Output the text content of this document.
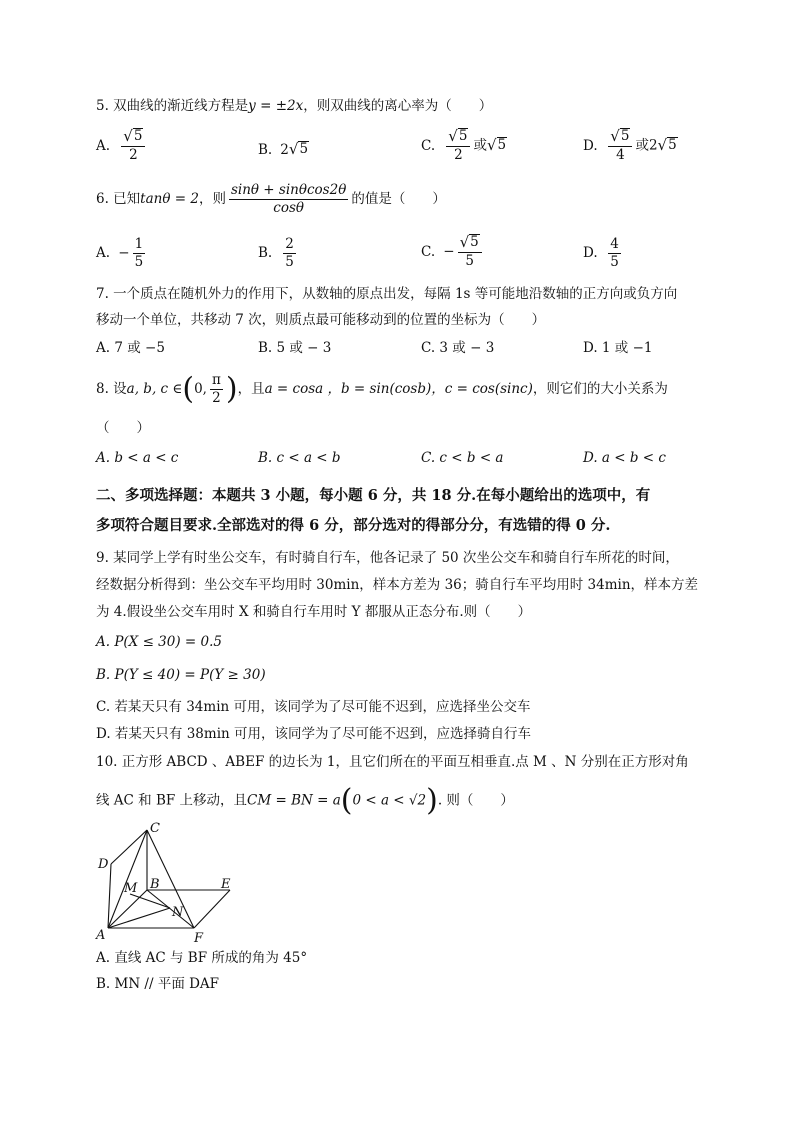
5. 双曲线的渐近线方程是y = ±2x，则双曲线的离心率为（　　）
A. $\frac{√ 5}{2}$	B. 2 √ 5	C. $\frac{√ 5}{2}$ 或 √ 5	D. $\frac{√ 5}{4}$ 或2 √ 5
6. 已知tanθ = 2，则 $\frac{\sin\theta + \sin\theta\cos 2\theta}{\cos\theta}$ 的值是（　　）
A. − $\frac{1}{5}$	B. $\frac{2}{5}$	C. − $\frac{√ 5}{5}$	D. $\frac{4}{5}$
7. 一个质点在随机外力的作用下，从数轴的原点出发，每隔 1s 等可能地沿数轴的正方向或负方向
移动一个单位，共移动 7 次，则质点最可能移动到的位置的坐标为（　　）
A. 7 或 −5	B. 5 或 − 3	C. 3 或 − 3	D. 1 或 −1
8. 设a, b, c ∈(0, $\frac{\pi}{2}$ )，且a = cosa ，b = sin(cosb)，c = cos(sinc)，则它们的大小关系为
（　　）
A. b < a < c	B. c < a < b	C. c < b < a	D. a < b < c
二、多项选择题：本题共 3 小题，每小题 6 分，共 18 分.在每小题给出的选项中，有
多项符合题目要求.全部选对的得 6 分，部分选对的得部分分，有选错的得 0 分.
9. 某同学上学有时坐公交车，有时骑自行车，他各记录了 50 次坐公交车和骑自行车所花的时间，
经数据分析得到：坐公交车平均用时 30min，样本方差为 36；骑自行车平均用时 34min，样本方差
为 4.假设坐公交车用时 X 和骑自行车用时 Y 都服从正态分布.则（　　）
A. P(X ≤ 30) = 0.5
B. P(Y ≤ 40) = P(Y ≥ 30)
C. 若某天只有 34min 可用，该同学为了尽可能不迟到，应选择坐公交车
D. 若某天只有 38min 可用，该同学为了尽可能不迟到，应选择骑自行车
10. 正方形 ABCD 、ABEF 的边长为 1，且它们所在的平面互相垂直.点 M 、N 分别在正方形对角
线 AC 和 BF 上移动，且CM = BN = a(0 < a < √2). 则（　　）
C
D
M B	E
N
A	F
A. 直线 AC 与 BF 所成的角为 45°
B. MN // 平面 DAF
